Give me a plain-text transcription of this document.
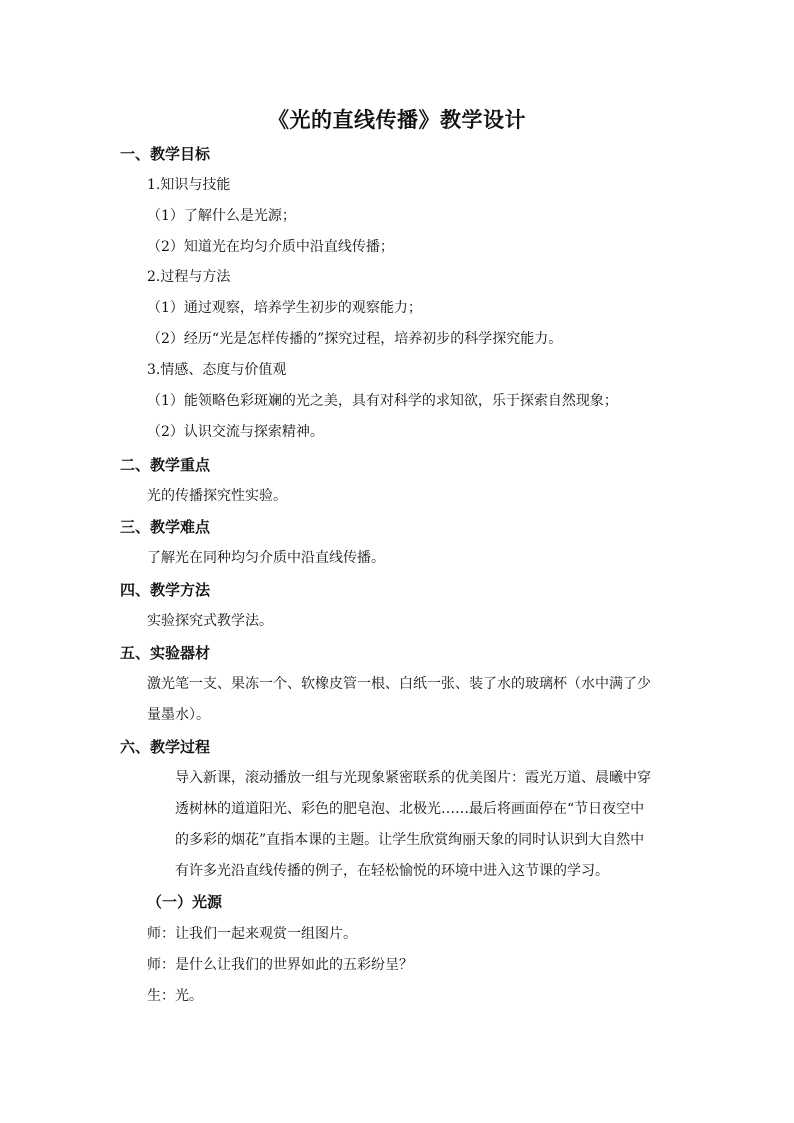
《光的直线传播》教学设计
一、教学目标
1.知识与技能
（1）了解什么是光源；
（2）知道光在均匀介质中沿直线传播；
2.过程与方法
（1）通过观察，培养学生初步的观察能力；
（2）经历“光是怎样传播的”探究过程，培养初步的科学探究能力。
3.情感、态度与价值观
（1）能领略色彩斑斓的光之美，具有对科学的求知欲，乐于探索自然现象；
（2）认识交流与探索精神。
二、教学重点
光的传播探究性实验。
三、教学难点
了解光在同种均匀介质中沿直线传播。
四、教学方法
实验探究式教学法。
五、实验器材
激光笔一支、果冻一个、软橡皮管一根、白纸一张、装了水的玻璃杯（水中满了少
量墨水）。
六、教学过程
导入新课，滚动播放一组与光现象紧密联系的优美图片：霞光万道、晨曦中穿
透树林的道道阳光、彩色的肥皂泡、北极光……最后将画面停在“节日夜空中
的多彩的烟花”直指本课的主题。让学生欣赏绚丽天象的同时认识到大自然中
有许多光沿直线传播的例子，在轻松愉悦的环境中进入这节课的学习。
（一）光源
师：让我们一起来观赏一组图片。
师：是什么让我们的世界如此的五彩纷呈？
生：光。
